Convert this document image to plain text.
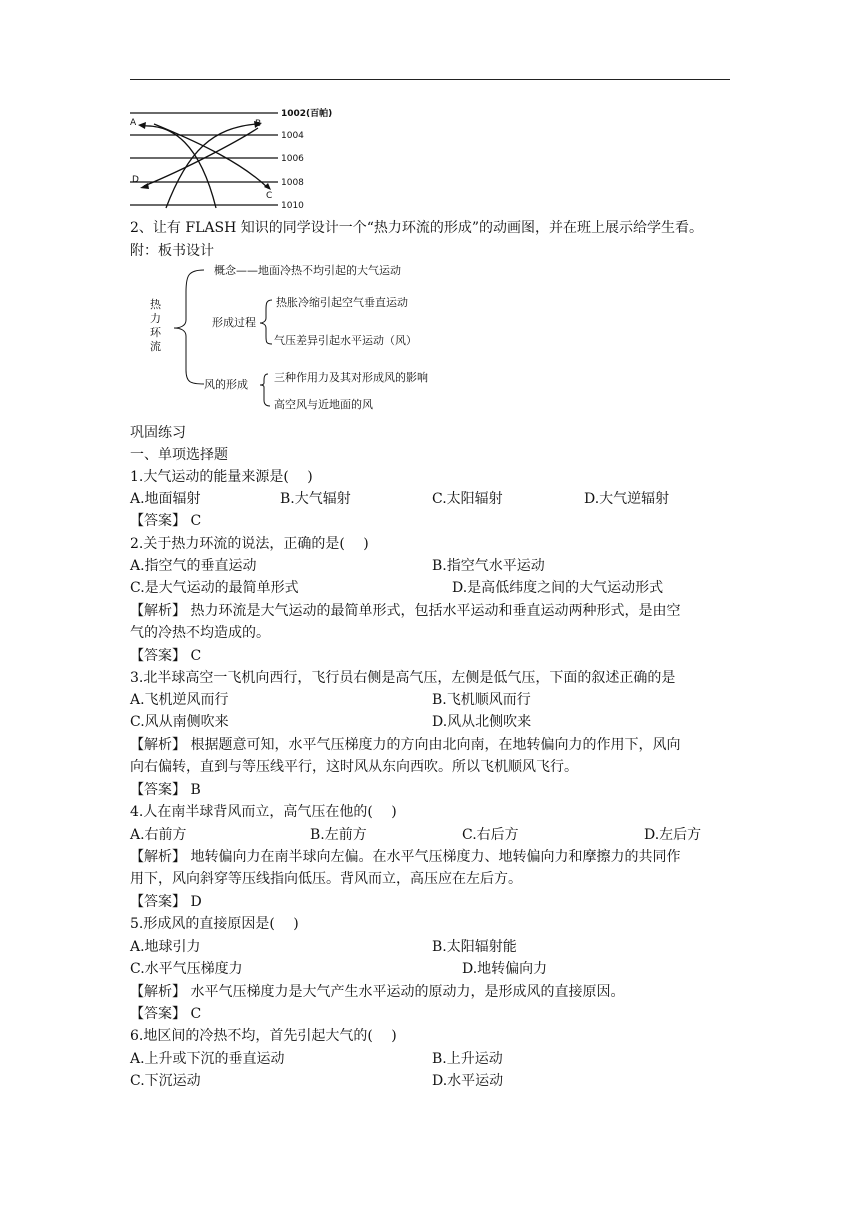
1002(百帕)
1004
1006
1008
1010
A	B
C
D
2、让有 FLASH 知识的同学设计一个“热力环流的形成”的动画图，并在班上展示给学生看。
附：板书设计
热
力
环
流
概念——地面冷热不均引起的大气运动
形成过程
热胀冷缩引起空气垂直运动
气压差异引起水平运动（风）
风的形成
三种作用力及其对形成风的影响
高空风与近地面的风
巩固练习
一、单项选择题
1.大气运动的能量来源是(　 )
A.地面辐射	B.大气辐射	C.太阳辐射	D.大气逆辐射
【答案】 C
2.关于热力环流的说法，正确的是(　 )
A.指空气的垂直运动	B.指空气水平运动
C.是大气运动的最简单形式	D.是高低纬度之间的大气运动形式
【解析】 热力环流是大气运动的最简单形式，包括水平运动和垂直运动两种形式，是由空
气的冷热不均造成的。
【答案】 C
3.北半球高空一飞机向西行，飞行员右侧是高气压，左侧是低气压，下面的叙述正确的是
A.飞机逆风而行	B.飞机顺风而行
C.风从南侧吹来	D.风从北侧吹来
【解析】 根据题意可知，水平气压梯度力的方向由北向南，在地转偏向力的作用下，风向
向右偏转，直到与等压线平行，这时风从东向西吹。所以飞机顺风飞行。
【答案】 B
4.人在南半球背风而立，高气压在他的(　 )
A.右前方	B.左前方	C.右后方	D.左后方
【解析】 地转偏向力在南半球向左偏。在水平气压梯度力、地转偏向力和摩擦力的共同作
用下，风向斜穿等压线指向低压。背风而立，高压应在左后方。
【答案】 D
5.形成风的直接原因是(　 )
A.地球引力	B.太阳辐射能
C.水平气压梯度力	D.地转偏向力
【解析】 水平气压梯度力是大气产生水平运动的原动力，是形成风的直接原因。
【答案】 C
6.地区间的冷热不均，首先引起大气的(　 )
A.上升或下沉的垂直运动	B.上升运动
C.下沉运动	D.水平运动
